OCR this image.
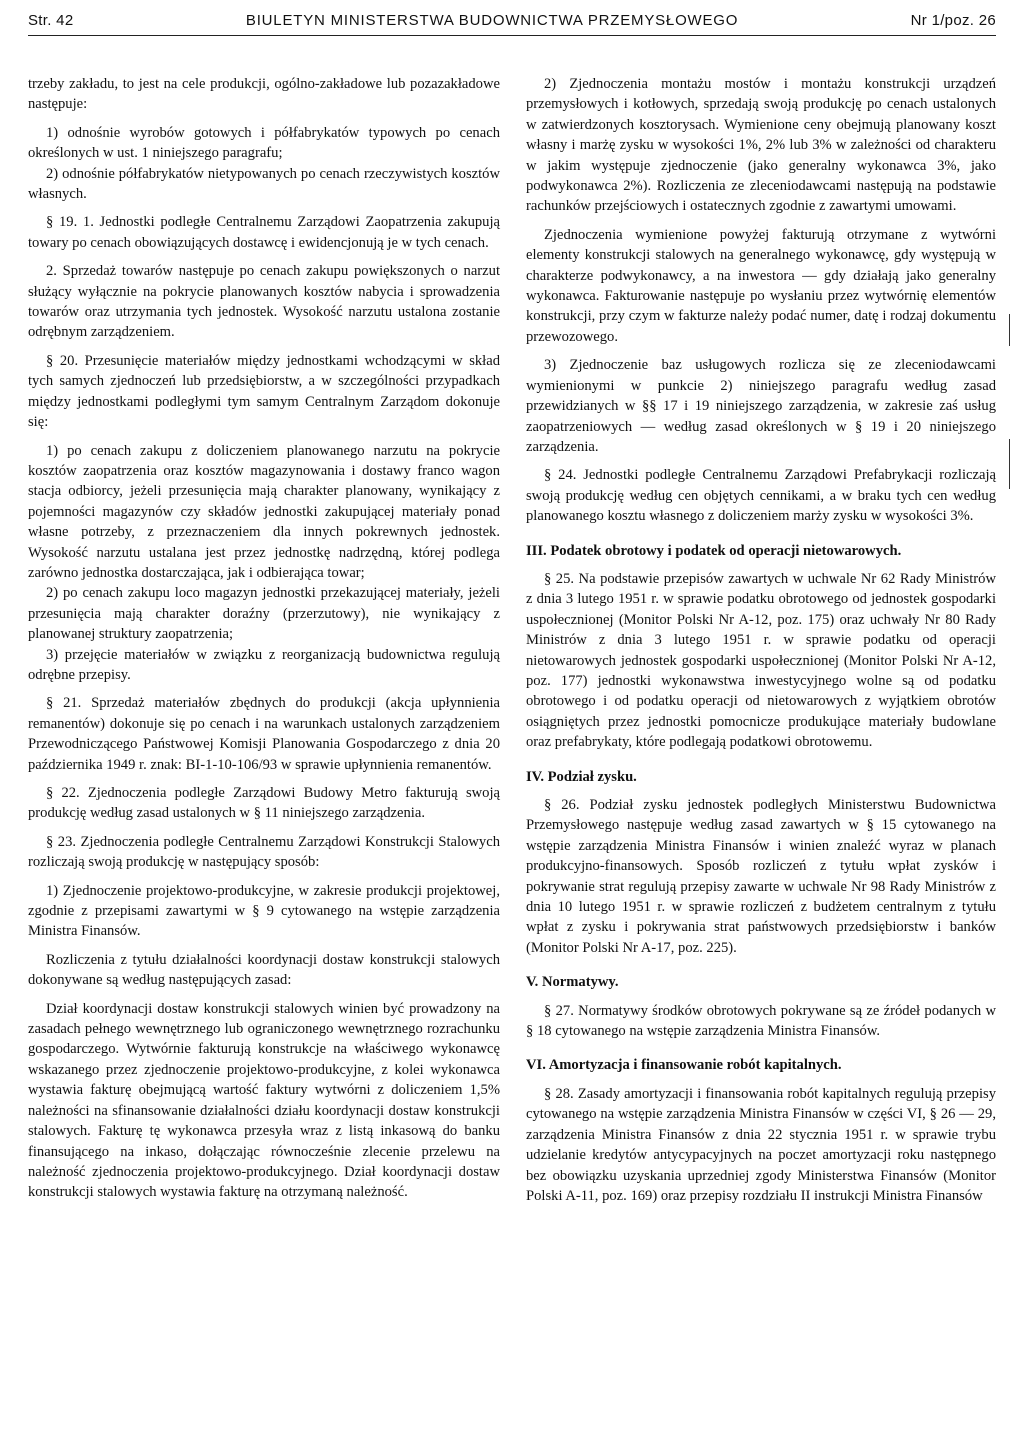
Str. 42	BIULETYN MINISTERSTWA BUDOWNICTWA PRZEMYSŁOWEGO	Nr 1/poz. 26

trzeby zakładu, to jest na cele produkcji, ogólno-zakładowe lub pozazakładowe następuje:

1) odnośnie wyrobów gotowych i półfabrykatów typowych po cenach określonych w ust. 1 niniejszego paragrafu;

2) odnośnie półfabrykatów nietypowanych po cenach rzeczywistych kosztów własnych.

§ 19. 1. Jednostki podległe Centralnemu Zarządowi Zaopatrzenia zakupują towary po cenach obowiązujących dostawcę i ewidencjonują je w tych cenach.

2. Sprzedaż towarów następuje po cenach zakupu powiększonych o narzut służący wyłącznie na pokrycie planowanych kosztów nabycia i sprowadzenia towarów oraz utrzymania tych jednostek. Wysokość narzutu ustalona zostanie odrębnym zarządzeniem.

§ 20. Przesunięcie materiałów między jednostkami wchodzącymi w skład tych samych zjednoczeń lub przedsiębiorstw, a w szczególności przypadkach między jednostkami podległymi tym samym Centralnym Zarządom dokonuje się:

1) po cenach zakupu z doliczeniem planowanego narzutu na pokrycie kosztów zaopatrzenia oraz kosztów magazynowania i dostawy franco wagon stacja odbiorcy, jeżeli przesunięcia mają charakter planowany, wynikający z pojemności magazynów czy składów jednostki zakupującej materiały ponad własne potrzeby, z przeznaczeniem dla innych pokrewnych jednostek. Wysokość narzutu ustalana jest przez jednostkę nadrzędną, której podlega zarówno jednostka dostarczająca, jak i odbierająca towar;

2) po cenach zakupu loco magazyn jednostki przekazującej materiały, jeżeli przesunięcia mają charakter doraźny (przerzutowy), nie wynikający z planowanej struktury zaopatrzenia;

3) przejęcie materiałów w związku z reorganizacją budownictwa regulują odrębne przepisy.

§ 21. Sprzedaż materiałów zbędnych do produkcji (akcja upłynnienia remanentów) dokonuje się po cenach i na warunkach ustalonych zarządzeniem Przewodniczącego Państwowej Komisji Planowania Gospodarczego z dnia 20 października 1949 r. znak: BI-1-10-106/93 w sprawie upłynnienia remanentów.

§ 22. Zjednoczenia podległe Zarządowi Budowy Metro fakturują swoją produkcję według zasad ustalonych w § 11 niniejszego zarządzenia.

§ 23. Zjednoczenia podległe Centralnemu Zarządowi Konstrukcji Stalowych rozliczają swoją produkcję w następujący sposób:

1) Zjednoczenie projektowo-produkcyjne, w zakresie produkcji projektowej, zgodnie z przepisami zawartymi w § 9 cytowanego na wstępie zarządzenia Ministra Finansów.

Rozliczenia z tytułu działalności koordynacji dostaw konstrukcji stalowych dokonywane są według następujących zasad:

Dział koordynacji dostaw konstrukcji stalowych winien być prowadzony na zasadach pełnego wewnętrznego lub ograniczonego wewnętrznego rozrachunku gospodarczego. Wytwórnie fakturują konstrukcje na właściwego wykonawcę wskazanego przez zjednoczenie projektowo-produkcyjne, z kolei wykonawca wystawia fakturę obejmującą wartość faktury wytwórni z doliczeniem 1,5% należności na sfinansowanie działalności działu koordynacji dostaw konstrukcji stalowych. Fakturę tę wykonawca przesyła wraz z listą inkasową do banku finansującego na inkaso, dołączając równocześnie zlecenie przelewu na należność zjednoczenia projektowo-produkcyjnego. Dział koordynacji dostaw konstrukcji stalowych wystawia fakturę na otrzymaną należność.

2) Zjednoczenia montażu mostów i montażu konstrukcji urządzeń przemysłowych i kotłowych, sprzedają swoją produkcję po cenach ustalonych w zatwierdzonych kosztorysach. Wymienione ceny obejmują planowany koszt własny i marżę zysku w wysokości 1%, 2% lub 3% w zależności od charakteru w jakim występuje zjednoczenie (jako generalny wykonawca 3%, jako podwykonawca 2%). Rozliczenia ze zleceniodawcami następują na podstawie rachunków przejściowych i ostatecznych zgodnie z zawartymi umowami.

Zjednoczenia wymienione powyżej fakturują otrzymane z wytwórni elementy konstrukcji stalowych na generalnego wykonawcę, gdy występują w charakterze podwykonawcy, a na inwestora — gdy działają jako generalny wykonawca. Fakturowanie następuje po wysłaniu przez wytwórnię elementów konstrukcji, przy czym w fakturze należy podać numer, datę i rodzaj dokumentu przewozowego.

3) Zjednoczenie baz usługowych rozlicza się ze zleceniodawcami wymienionymi w punkcie 2) niniejszego paragrafu według zasad przewidzianych w §§ 17 i 19 niniejszego zarządzenia, w zakresie zaś usług zaopatrzeniowych — według zasad określonych w § 19 i 20 niniejszego zarządzenia.

§ 24. Jednostki podległe Centralnemu Zarządowi Prefabrykacji rozliczają swoją produkcję według cen objętych cennikami, a w braku tych cen według planowanego kosztu własnego z doliczeniem marży zysku w wysokości 3%.

III. Podatek obrotowy i podatek od operacji nietowarowych.

§ 25. Na podstawie przepisów zawartych w uchwale Nr 62 Rady Ministrów z dnia 3 lutego 1951 r. w sprawie podatku obrotowego od jednostek gospodarki uspołecznionej (Monitor Polski Nr A-12, poz. 175) oraz uchwały Nr 80 Rady Ministrów z dnia 3 lutego 1951 r. w sprawie podatku od operacji nietowarowych jednostek gospodarki uspołecznionej (Monitor Polski Nr A-12, poz. 177) jednostki wykonawstwa inwestycyjnego wolne są od podatku obrotowego i od podatku operacji od nietowarowych z wyjątkiem obrotów osiągniętych przez jednostki pomocnicze produkujące materiały budowlane oraz prefabrykaty, które podlegają podatkowi obrotowemu.

IV. Podział zysku.

§ 26. Podział zysku jednostek podległych Ministerstwu Budownictwa Przemysłowego następuje według zasad zawartych w § 15 cytowanego na wstępie zarządzenia Ministra Finansów i winien znaleźć wyraz w planach produkcyjno-finansowych. Sposób rozliczeń z tytułu wpłat zysków i pokrywanie strat regulują przepisy zawarte w uchwale Nr 98 Rady Ministrów z dnia 10 lutego 1951 r. w sprawie rozliczeń z budżetem centralnym z tytułu wpłat z zysku i pokrywania strat państwowych przedsiębiorstw i banków (Monitor Polski Nr A-17, poz. 225).

V. Normatywy.

§ 27. Normatywy środków obrotowych pokrywane są ze źródeł podanych w § 18 cytowanego na wstępie zarządzenia Ministra Finansów.

VI. Amortyzacja i finansowanie robót kapitalnych.

§ 28. Zasady amortyzacji i finansowania robót kapitalnych regulują przepisy cytowanego na wstępie zarządzenia Ministra Finansów w części VI, § 26 — 29, zarządzenia Ministra Finansów z dnia 22 stycznia 1951 r. w sprawie trybu udzielanie kredytów antycypacyjnych na poczet amortyzacji roku następnego bez obowiązku uzyskania uprzedniej zgody Ministerstwa Finansów (Monitor Polski A-11, poz. 169) oraz przepisy rozdziału II instrukcji Ministra Finansów
